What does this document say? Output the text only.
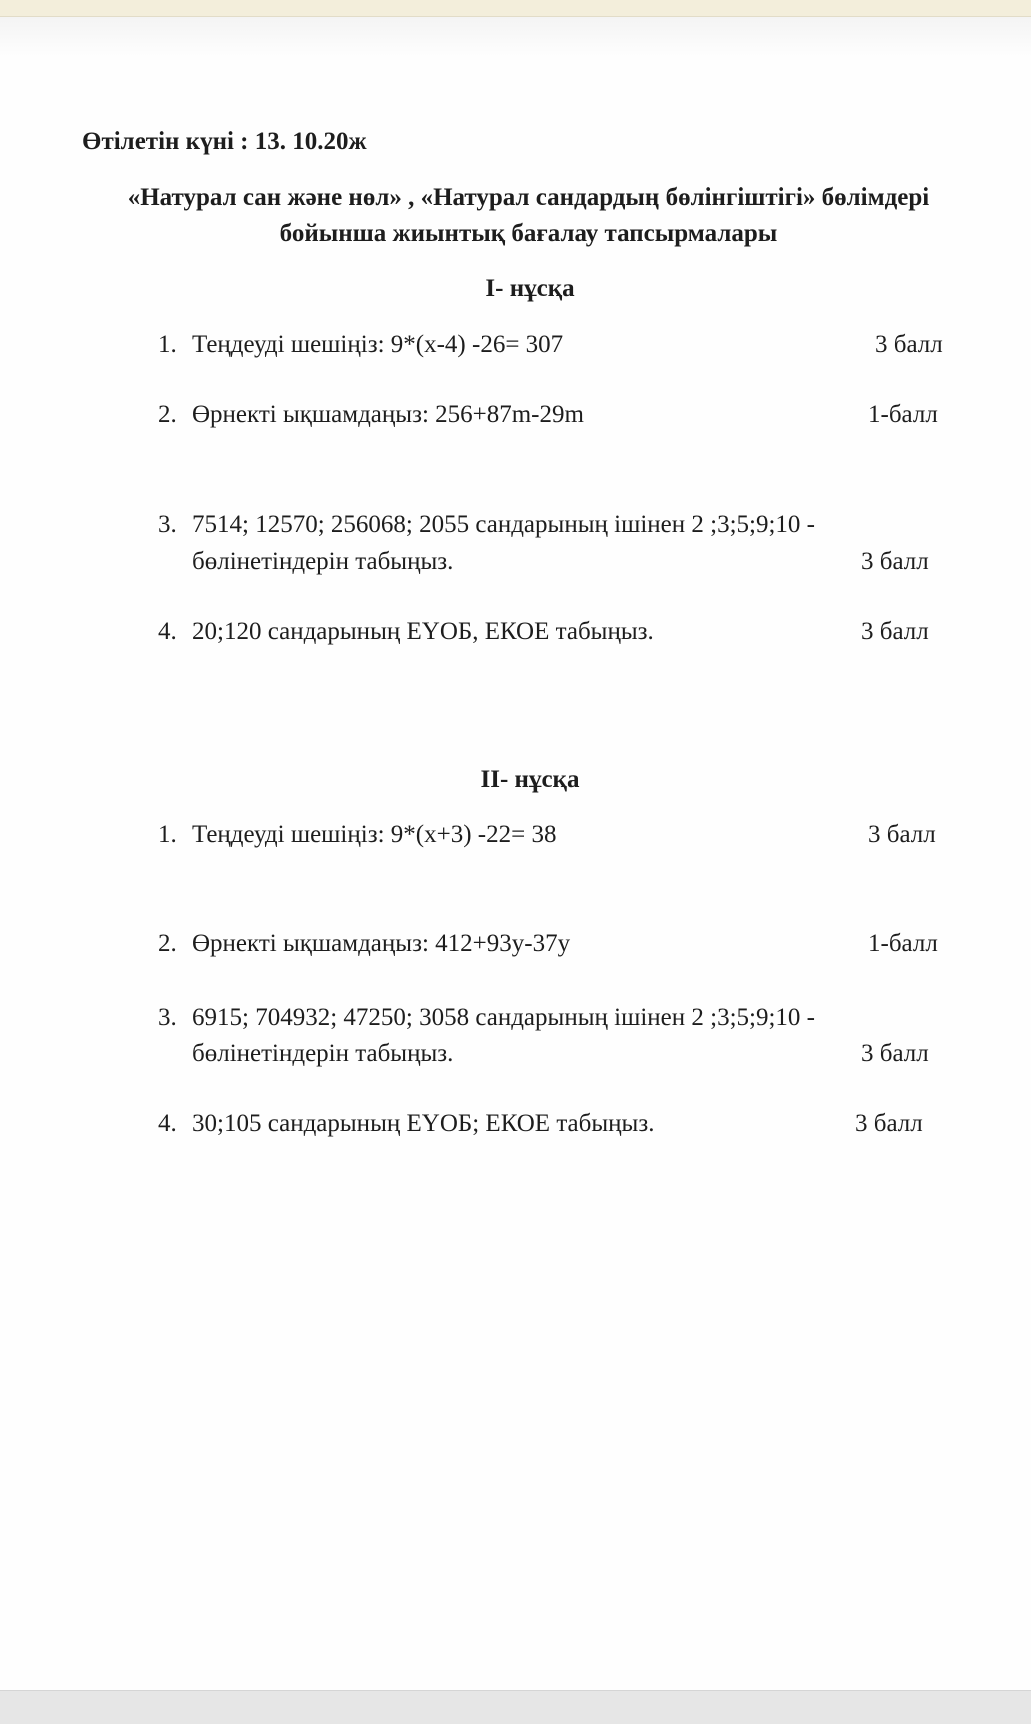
Өтілетін күні : 13. 10.20ж
«Натурал сан және нөл» , «Натурал сандардың бөлінгіштігі» бөлімдері
бойынша жиынтық бағалау тапсырмалары
І- нұсқа
1. Теңдеуді шешіңіз: 9*(х-4) -26= 307	3 балл
2. Өрнекті ықшамдаңыз: 256+87m-29m	1-балл
3. 7514; 12570; 256068; 2055 сандарының ішінен 2 ;3;5;9;10 -
бөлінетіндерін табыңыз.	3 балл
4. 20;120 сандарының ЕҮОБ, ЕКОЕ табыңыз.	3 балл
ІІ- нұсқа
1. Теңдеуді шешіңіз: 9*(х+3) -22= 38	3 балл
2. Өрнекті ықшамдаңыз: 412+93у-37у	1-балл
3. 6915; 704932; 47250; 3058 сандарының ішінен 2 ;3;5;9;10 -
бөлінетіндерін табыңыз.	3 балл
4. 30;105 сандарының ЕҮОБ; ЕКОЕ табыңыз.	3 балл
